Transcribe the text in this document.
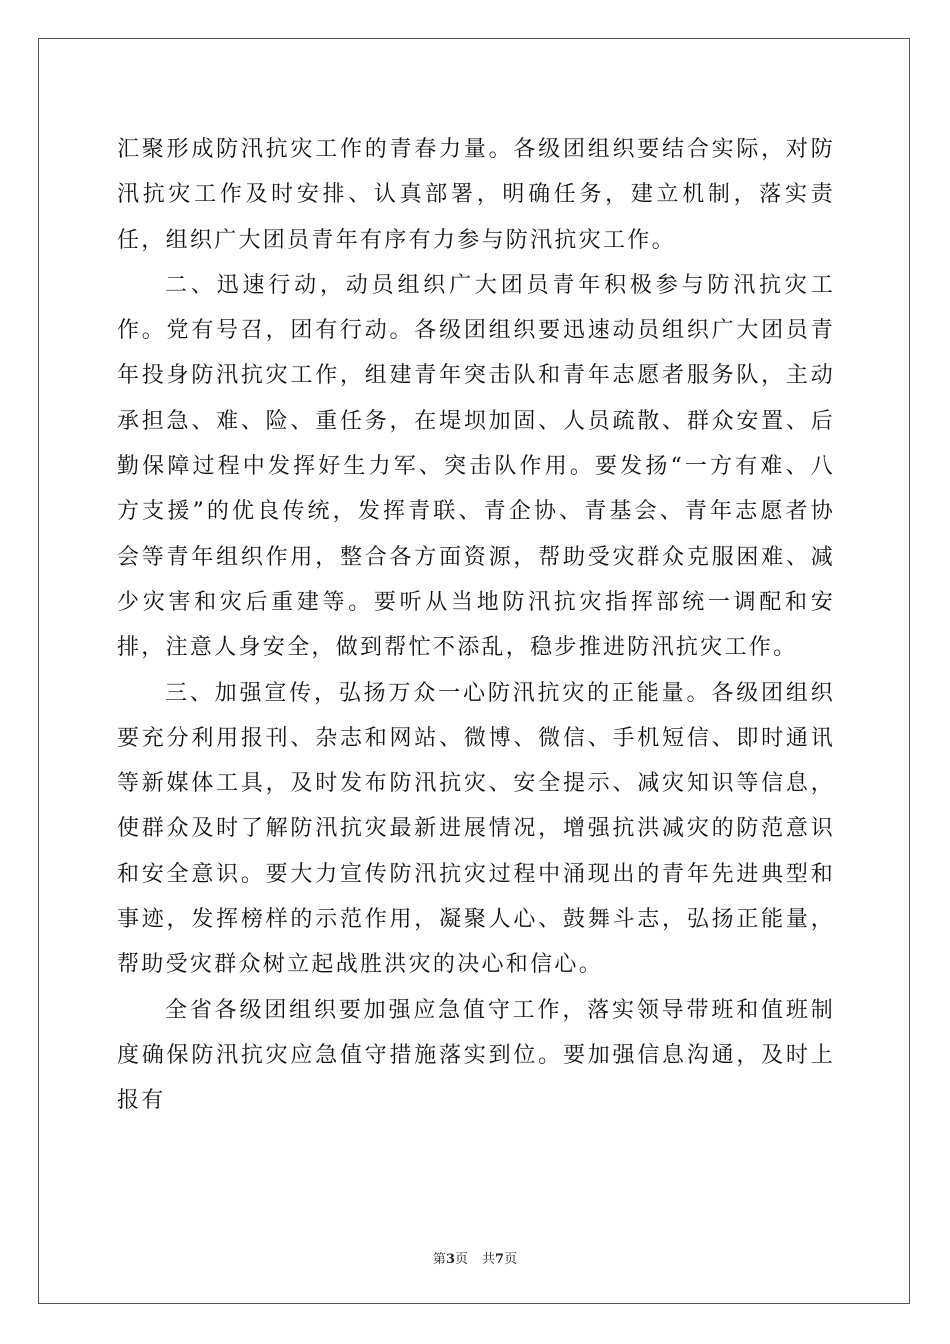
汇聚形成防汛抗灾工作的青春力量。各级团组织要结合实际，对防汛抗灾工作及时安排、认真部署，明确任务，建立机制，落实责任，组织广大团员青年有序有力参与防汛抗灾工作。

二、迅速行动，动员组织广大团员青年积极参与防汛抗灾工作。党有号召，团有行动。各级团组织要迅速动员组织广大团员青年投身防汛抗灾工作，组建青年突击队和青年志愿者服务队，主动承担急、难、险、重任务，在堤坝加固、人员疏散、群众安置、后勤保障过程中发挥好生力军、突击队作用。要发扬“一方有难、八方支援”的优良传统，发挥青联、青企协、青基会、青年志愿者协会等青年组织作用，整合各方面资源，帮助受灾群众克服困难、减少灾害和灾后重建等。要听从当地防汛抗灾指挥部统一调配和安排，注意人身安全，做到帮忙不添乱，稳步推进防汛抗灾工作。

三、加强宣传，弘扬万众一心防汛抗灾的正能量。各级团组织要充分利用报刊、杂志和网站、微博、微信、手机短信、即时通讯等新媒体工具，及时发布防汛抗灾、安全提示、减灾知识等信息，使群众及时了解防汛抗灾最新进展情况，增强抗洪减灾的防范意识和安全意识。要大力宣传防汛抗灾过程中涌现出的青年先进典型和事迹，发挥榜样的示范作用，凝聚人心、鼓舞斗志，弘扬正能量，帮助受灾群众树立起战胜洪灾的决心和信心。

全省各级团组织要加强应急值守工作，落实领导带班和值班制度确保防汛抗灾应急值守措施落实到位。要加强信息沟通，及时上报有

第3页 共7页
